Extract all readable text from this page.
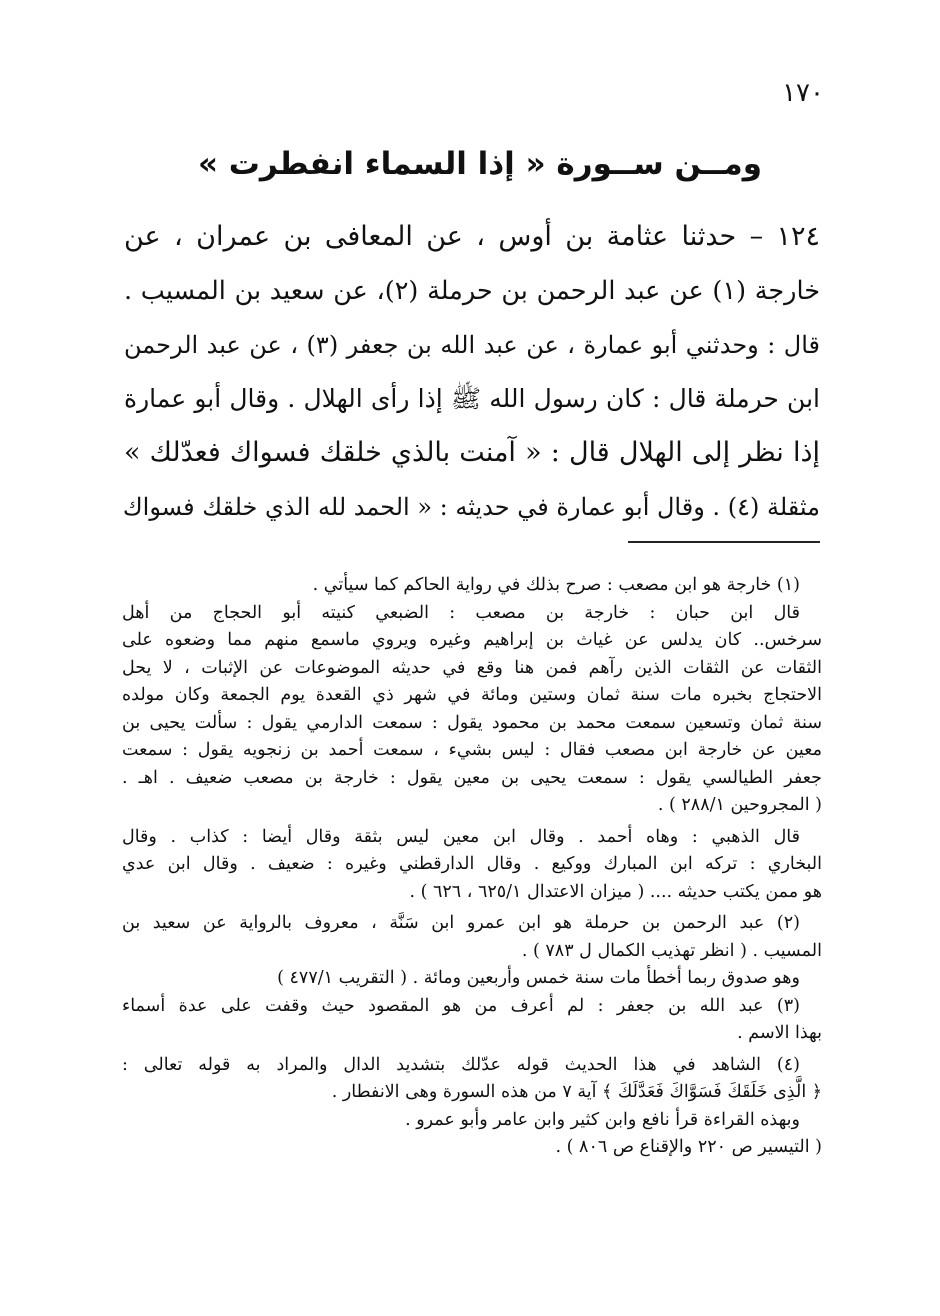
١٧٠
ومــن ســورة « إذا السماء انفطرت »
١٢٤ – حدثنا عثامة بن أوس ، عن المعافى بن عمران ، عن
خارجة (١) عن عبد الرحمن بن حرملة (٢)، عن سعيد بن المسيب .
قال : وحدثني أبو عمارة ، عن عبد الله بن جعفر (٣) ، عن عبد الرحمن
ابن حرملة قال : كان رسول الله ﷺ إذا رأى الهلال . وقال أبو عمارة
إذا نظر إلى الهلال قال : « آمنت بالذي خلقك فسواك فعدّلك »
مثقلة (٤) . وقال أبو عمارة في حديثه : « الحمد لله الذي خلقك فسواك
(١) خارجة هو ابن مصعب : صرح بذلك في رواية الحاكم كما سيأتي .
قال ابن حبان : خارجة بن مصعب : الضبعي كنيته أبو الحجاج من أهل
سرخس.. كان يدلس عن غياث بن إبراهيم وغيره ويروي ماسمع منهم مما وضعوه على
الثقات عن الثقات الذين رآهم فمن هنا وقع في حديثه الموضوعات عن الإثبات ، لا يحل
الاحتجاج بخبره مات سنة ثمان وستين ومائة في شهر ذي القعدة يوم الجمعة وكان مولده
سنة ثمان وتسعين سمعت محمد بن محمود يقول : سمعت الدارمي يقول : سألت يحيى بن
معين عن خارجة ابن مصعب فقال : ليس بشيء ، سمعت أحمد بن زنجويه يقول : سمعت
جعفر الطيالسي يقول : سمعت يحيى بن معين يقول : خارجة بن مصعب ضعيف . اهـ .
( المجروحين ٢٨٨/١ ) .
قال الذهبي : وهاه أحمد . وقال ابن معين ليس بثقة وقال أيضا : كذاب . وقال
البخاري : تركه ابن المبارك ووكيع . وقال الدارقطني وغيره : ضعيف . وقال ابن عدي
هو ممن يكتب حديثه .... ( ميزان الاعتدال ٦٢٥/١ ، ٦٢٦ ) .
(٢) عبد الرحمن بن حرملة هو ابن عمرو ابن سَنَّة ، معروف بالرواية عن سعيد بن
المسيب . ( انظر تهذيب الكمال ل ٧٨٣ ) .
وهو صدوق ربما أخطأ مات سنة خمس وأربعين ومائة . ( التقريب ٤٧٧/١ )
(٣) عبد الله بن جعفر : لم أعرف من هو المقصود حيث وقفت على عدة أسماء
بهذا الاسم .
(٤) الشاهد في هذا الحديث قوله عدّلك بتشديد الدال والمراد به قوله تعالى :
﴿ الَّذِى خَلَقَكَ فَسَوَّاكَ فَعَدَّلَكَ ﴾ آية ٧ من هذه السورة وهى الانفطار .
وبهذه القراءة قرأ نافع وابن كثير وابن عامر وأبو عمرو .
( التيسير ص ٢٢٠ والإقناع ص ٨٠٦ ) .
